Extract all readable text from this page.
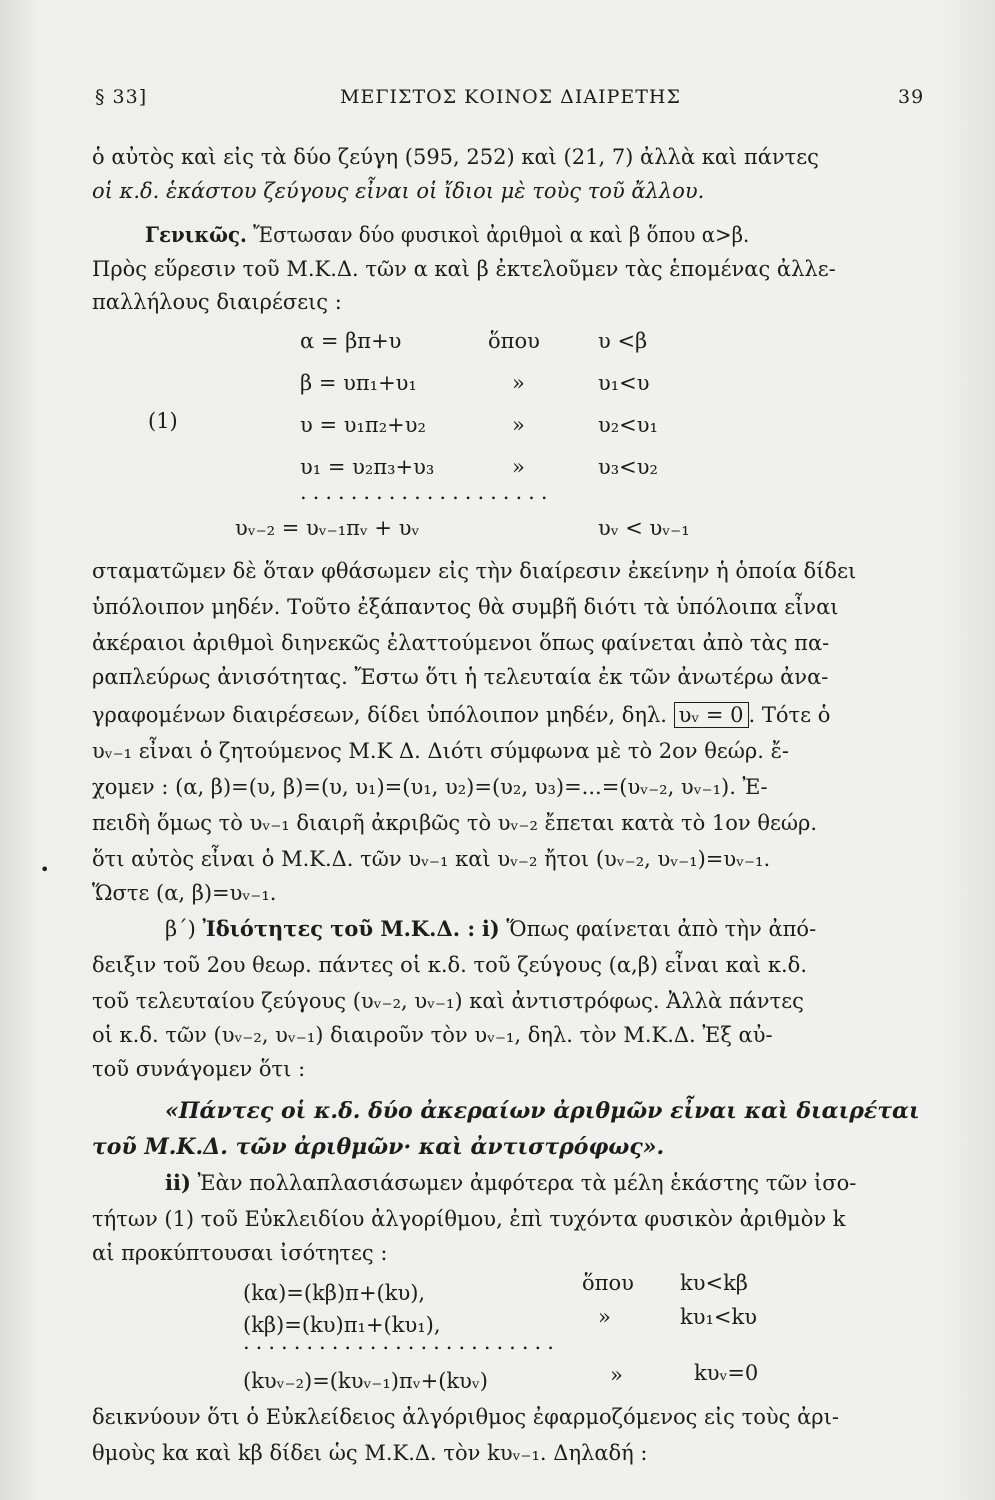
§ 33]	ΜΕΓΙΣΤΟΣ ΚΟΙΝΟΣ ΔΙΑΙΡΕΤΗΣ	39
ὁ αὐτὸς καὶ εἰς τὰ δύο ζεύγη (595, 252) καὶ (21, 7) ἀλλὰ καὶ πάντες
οἱ κ.δ. ἑκάστου ζεύγους εἶναι οἱ ἴδιοι μὲ τοὺς τοῦ ἄλλου.
Γενικῶς. Ἔστωσαν δύο φυσικοὶ ἀριθμοὶ α καὶ β ὅπου α>β.
Πρὸς εὕρεσιν τοῦ Μ.Κ.Δ. τῶν α καὶ β ἐκτελοῦμεν τὰς ἑπομένας ἀλλε-
παλλήλους διαιρέσεις :
(1)
α = βπ+υ	ὅπου	υ <β
β = υπ₁+υ₁	»	υ₁<υ
υ = υ₁π₂+υ₂	»	υ₂<υ₁
υ₁ = υ₂π₃+υ₃	»	υ₃<υ₂
....................
υᵥ₋₂ = υᵥ₋₁πᵥ + υᵥ	υᵥ < υᵥ₋₁
σταματῶμεν δὲ ὅταν φθάσωμεν εἰς τὴν διαίρεσιν ἐκείνην ἡ ὁποία δίδει
ὑπόλοιπον μηδέν. Τοῦτο ἐξάπαντος θὰ συμβῆ διότι τὰ ὑπόλοιπα εἶναι
ἀκέραιοι ἀριθμοὶ διηνεκῶς ἐλαττούμενοι ὅπως φαίνεται ἀπὸ τὰς πα-
ραπλεύρως ἀνισότητας. Ἔστω ὅτι ἡ τελευταία ἐκ τῶν ἀνωτέρω ἀνα-
γραφομένων διαιρέσεων, δίδει ὑπόλοιπον μηδέν, δηλ. υᵥ = 0 . Τότε ὁ
υᵥ₋₁ εἶναι ὁ ζητούμενος Μ.Κ Δ. Διότι σύμφωνα μὲ τὸ 2ον θεώρ. ἔ-
χομεν : (α, β)=(υ, β)=(υ, υ₁)=(υ₁, υ₂)=(υ₂, υ₃)=...=(υᵥ₋₂, υᵥ₋₁). Ἐ-
πειδὴ ὅμως τὸ υᵥ₋₁ διαιρῆ ἀκριβῶς τὸ υᵥ₋₂ ἔπεται κατὰ τὸ 1ον θεώρ.
ὅτι αὐτὸς εἶναι ὁ Μ.Κ.Δ. τῶν υᵥ₋₁ καὶ υᵥ₋₂ ἤτοι (υᵥ₋₂, υᵥ₋₁)=υᵥ₋₁.
Ὥστε (α, β)=υᵥ₋₁.
•
β´) Ἰδιότητες τοῦ Μ.Κ.Δ. : i) Ὅπως φαίνεται ἀπὸ τὴν ἀπό-
δειξιν τοῦ 2ου θεωρ. πάντες οἱ κ.δ. τοῦ ζεύγους (α,β) εἶναι καὶ κ.δ.
τοῦ τελευταίου ζεύγους (υᵥ₋₂, υᵥ₋₁) καὶ ἀντιστρόφως. Ἀλλὰ πάντες
οἱ κ.δ. τῶν (υᵥ₋₂, υᵥ₋₁) διαιροῦν τὸν υᵥ₋₁, δηλ. τὸν Μ.Κ.Δ. Ἐξ αὐ-
τοῦ συνάγομεν ὅτι :
«Πάντες οἱ κ.δ. δύο ἀκεραίων ἀριθμῶν εἶναι καὶ διαιρέται
τοῦ Μ.Κ.Δ. τῶν ἀριθμῶν· καὶ ἀντιστρόφως».
ii) Ἐὰν πολλαπλασιάσωμεν ἀμφότερα τὰ μέλη ἑκάστης τῶν ἰσο-
τήτων (1) τοῦ Εὐκλειδίου ἀλγορίθμου, ἐπὶ τυχόντα φυσικὸν ἀριθμὸν k
αἱ προκύπτουσαι ἰσότητες :
(kα)=(kβ)π+(kυ),	ὅπου kυ<kβ
(kβ)=(kυ)π₁+(kυ₁),	»	kυ₁<kυ
.........................
(kυᵥ₋₂)=(kυᵥ₋₁)πᵥ+(kυᵥ)	»	kυᵥ=0
δεικνύουν ὅτι ὁ Εὐκλείδειος ἀλγόριθμος ἐφαρμοζόμενος εἰς τοὺς ἀρι-
θμοὺς kα καὶ kβ δίδει ὡς Μ.Κ.Δ. τὸν kυᵥ₋₁. Δηλαδή :
